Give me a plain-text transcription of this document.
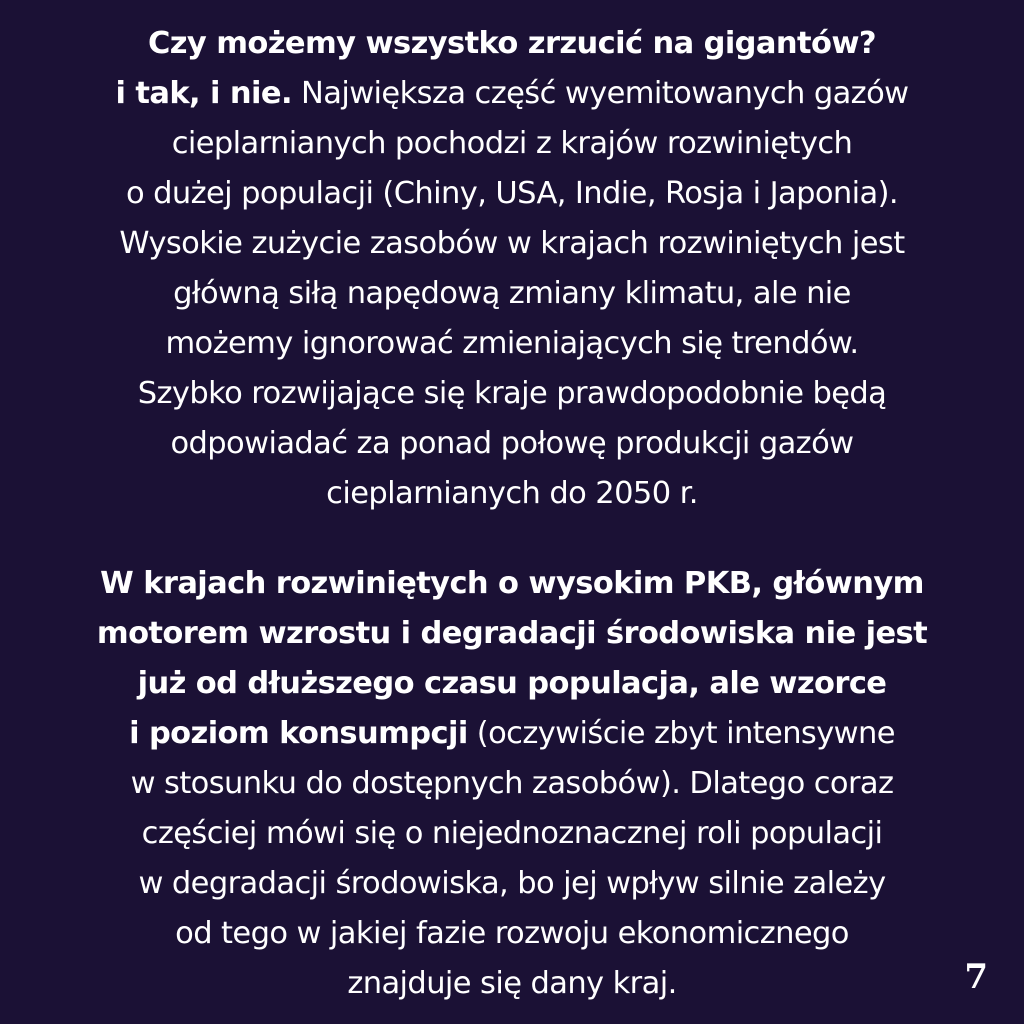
Czy możemy wszystko zrzucić na gigantów?
i tak, i nie. Największa część wyemitowanych gazów
cieplarnianych pochodzi z krajów rozwiniętych
o dużej populacji (Chiny, USA, Indie, Rosja i Japonia).
Wysokie zużycie zasobów w krajach rozwiniętych jest
główną siłą napędową zmiany klimatu, ale nie
możemy ignorować zmieniających się trendów.
Szybko rozwijające się kraje prawdopodobnie będą
odpowiadać za ponad połowę produkcji gazów
cieplarnianych do 2050 r.
W krajach rozwiniętych o wysokim PKB, głównym
motorem wzrostu i degradacji środowiska nie jest
już od dłuższego czasu populacja, ale wzorce
i poziom konsumpcji (oczywiście zbyt intensywne
w stosunku do dostępnych zasobów). Dlatego coraz
częściej mówi się o niejednoznacznej roli populacji
w degradacji środowiska, bo jej wpływ silnie zależy
od tego w jakiej fazie rozwoju ekonomicznego
znajduje się dany kraj.	7
